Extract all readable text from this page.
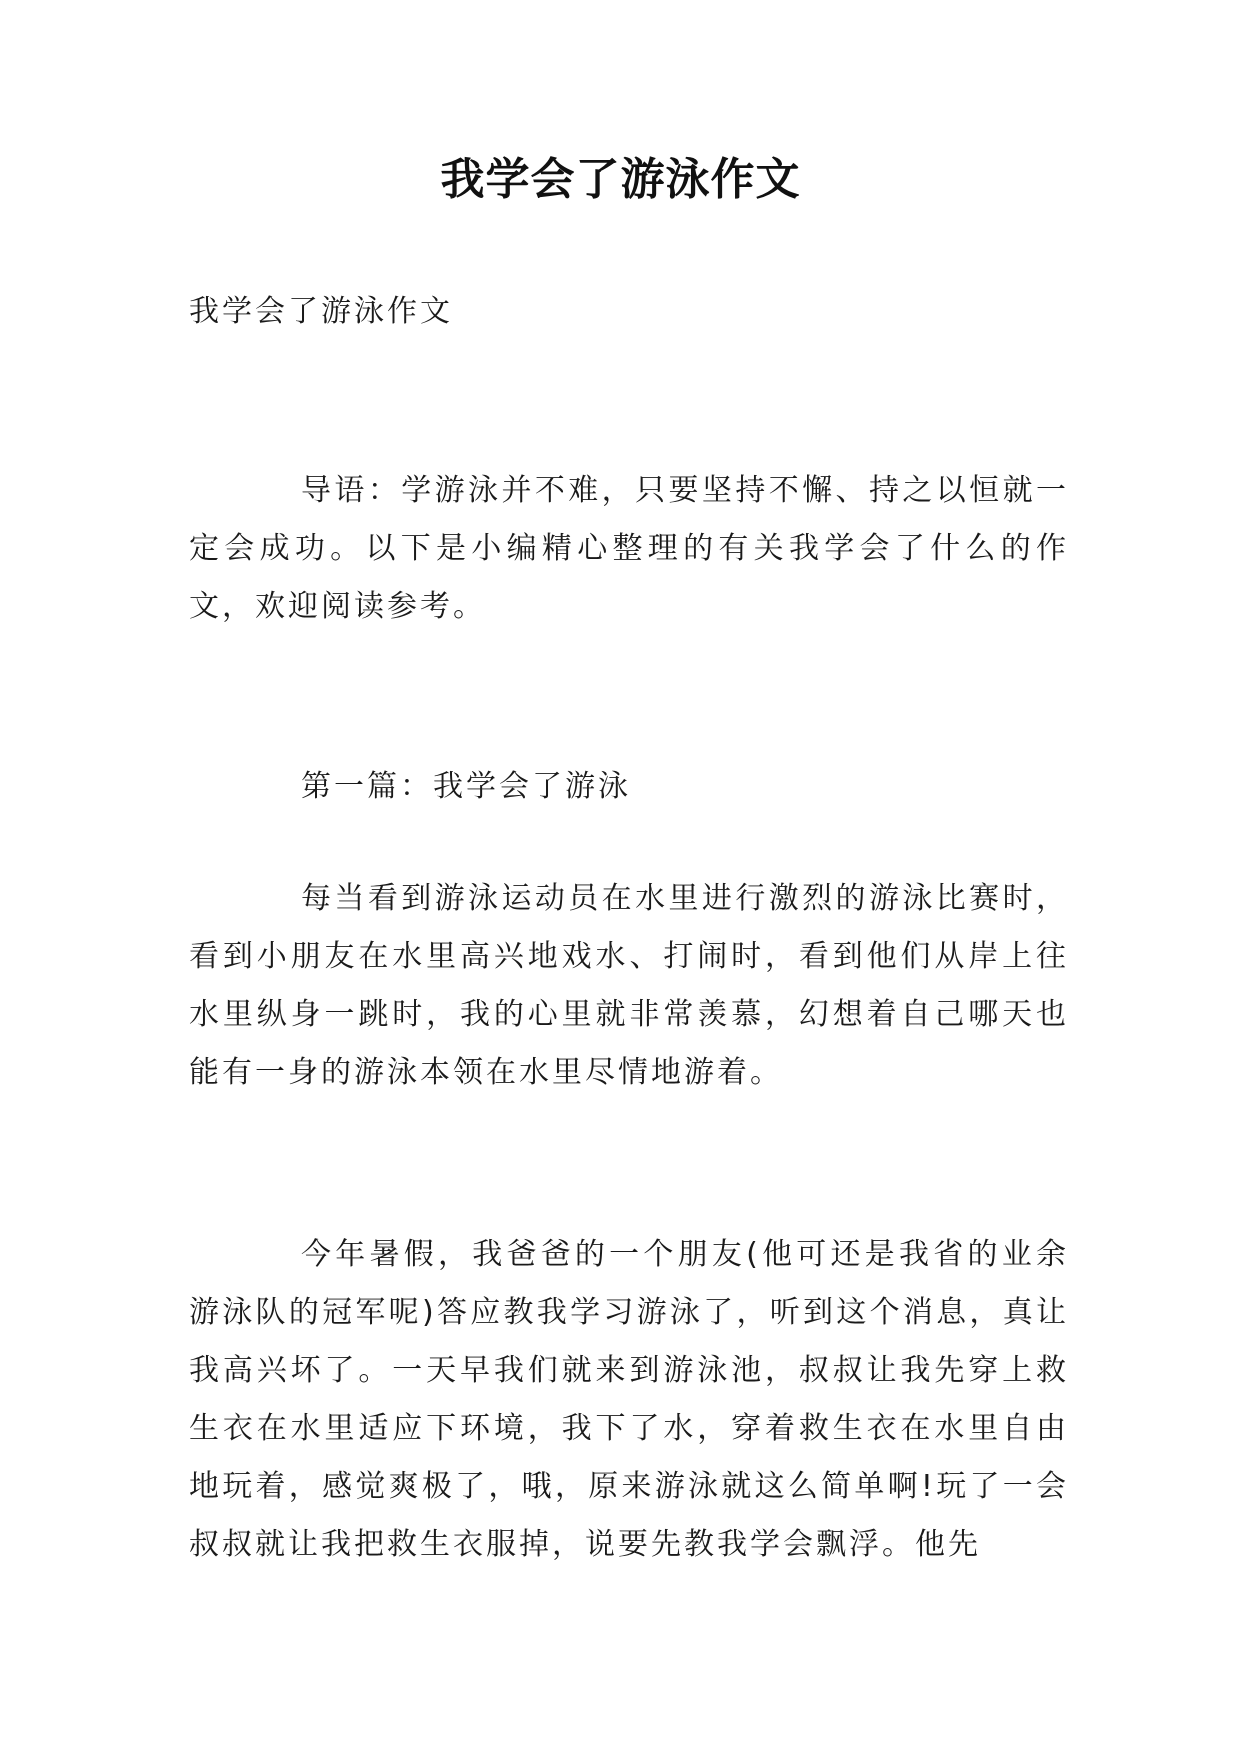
我学会了游泳作文
我学会了游泳作文

导语：学游泳并不难，只要坚持不懈、持之以恒就一定会成功。以下是小编精心整理的有关我学会了什么的作文，欢迎阅读参考。

第一篇：我学会了游泳

每当看到游泳运动员在水里进行激烈的游泳比赛时，看到小朋友在水里高兴地戏水、打闹时，看到他们从岸上往水里纵身一跳时，我的心里就非常羡慕，幻想着自己哪天也能有一身的游泳本领在水里尽情地游着。

今年暑假，我爸爸的一个朋友(他可还是我省的业余游泳队的冠军呢)答应教我学习游泳了，听到这个消息，真让我高兴坏了。一天早我们就来到游泳池，叔叔让我先穿上救生衣在水里适应下环境，我下了水，穿着救生衣在水里自由地玩着，感觉爽极了，哦，原来游泳就这么简单啊!玩了一会叔叔就让我把救生衣服掉，说要先教我学会飘浮。他先
